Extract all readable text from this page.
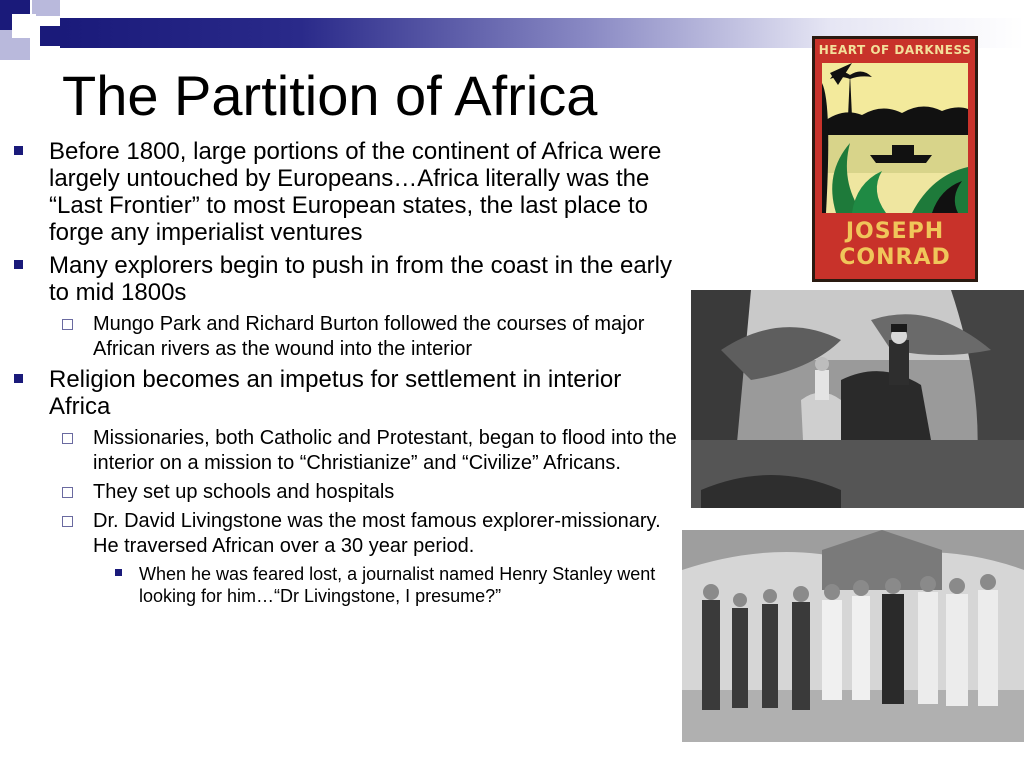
The Partition of Africa
Before 1800, large portions of the continent of Africa were largely untouched by Europeans…Africa literally was the “Last Frontier” to most European states, the last place to forge any imperialist ventures
Many explorers begin to push in from the coast in the early to mid 1800s
Mungo Park and Richard Burton followed the courses of major African rivers as the wound into the interior
Religion becomes an impetus for settlement in interior Africa
Missionaries, both Catholic and Protestant, began to flood into the interior on a mission to “Christianize” and “Civilize” Africans.
They set up schools and hospitals
Dr. David Livingstone was the most famous explorer-missionary. He traversed African over a 30 year period.
When he was feared lost, a journalist named Henry Stanley went looking for him…“Dr Livingstone, I presume?”
HEART OF DARKNESS
JOSEPH
CONRAD
